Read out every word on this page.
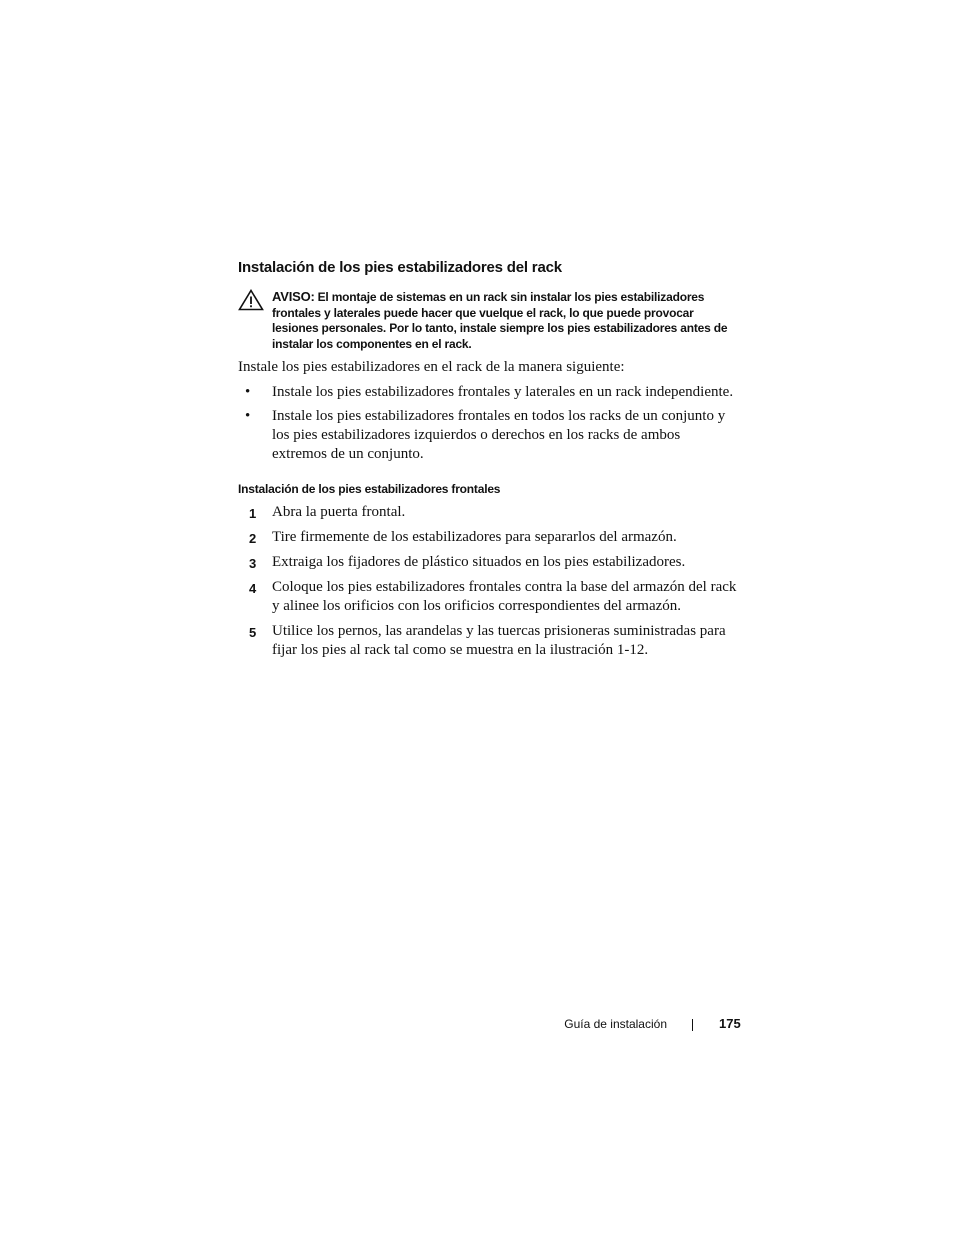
Instalación de los pies estabilizadores del rack
AVISO: El montaje de sistemas en un rack sin instalar los pies estabilizadores frontales y laterales puede hacer que vuelque el rack, lo que puede provocar lesiones personales. Por lo tanto, instale siempre los pies estabilizadores antes de instalar los componentes en el rack.

Instale los pies estabilizadores en el rack de la manera siguiente:

• Instale los pies estabilizadores frontales y laterales en un rack independiente.
• Instale los pies estabilizadores frontales en todos los racks de un conjunto y los pies estabilizadores izquierdos o derechos en los racks de ambos extremos de un conjunto.
Instalación de los pies estabilizadores frontales
1 Abra la puerta frontal.
2 Tire firmemente de los estabilizadores para separarlos del armazón.
3 Extraiga los fijadores de plástico situados en los pies estabilizadores.
4 Coloque los pies estabilizadores frontales contra la base del armazón del rack y alinee los orificios con los orificios correspondientes del armazón.
5 Utilice los pernos, las arandelas y las tuercas prisioneras suministradas para fijar los pies al rack tal como se muestra en la ilustración 1-12.
Guía de instalación	175
